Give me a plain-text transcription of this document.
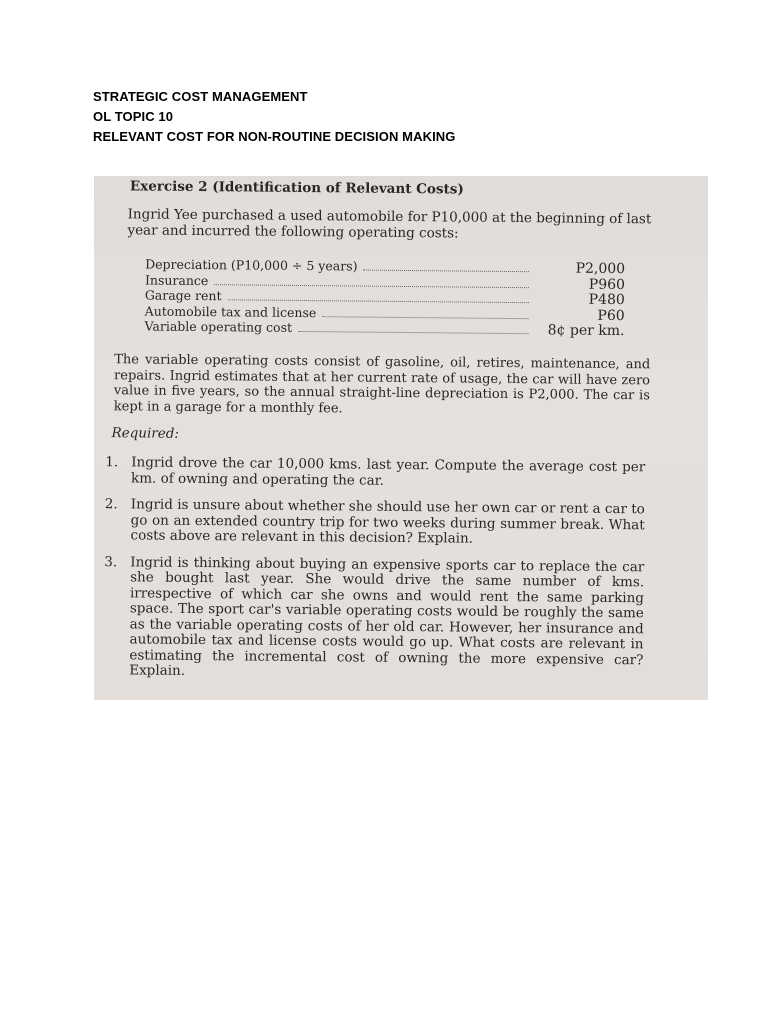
STRATEGIC COST MANAGEMENT
OL TOPIC 10
RELEVANT COST FOR NON-ROUTINE DECISION MAKING
Exercise 2 (Identification of Relevant Costs)
Ingrid Yee purchased a used automobile for P10,000 at the beginning of last year and incurred the following operating costs:
Depreciation (P10,000 ÷ 5 years)	P2,000
Insurance	P960
Garage rent	P480
Automobile tax and license	P60
Variable operating cost	8¢ per km.
The variable operating costs consist of gasoline, oil, retires, maintenance, and repairs. Ingrid estimates that at her current rate of usage, the car will have zero value in five years, so the annual straight-line depreciation is P2,000. The car is kept in a garage for a monthly fee.
Required:
1. Ingrid drove the car 10,000 kms. last year. Compute the average cost per km. of owning and operating the car.
2. Ingrid is unsure about whether she should use her own car or rent a car to go on an extended country trip for two weeks during summer break. What costs above are relevant in this decision? Explain.
3. Ingrid is thinking about buying an expensive sports car to replace the car she bought last year. She would drive the same number of kms. irrespective of which car she owns and would rent the same parking space. The sport car's variable operating costs would be roughly the same as the variable operating costs of her old car. However, her insurance and automobile tax and license costs would go up. What costs are relevant in estimating the incremental cost of owning the more expensive car? Explain.
